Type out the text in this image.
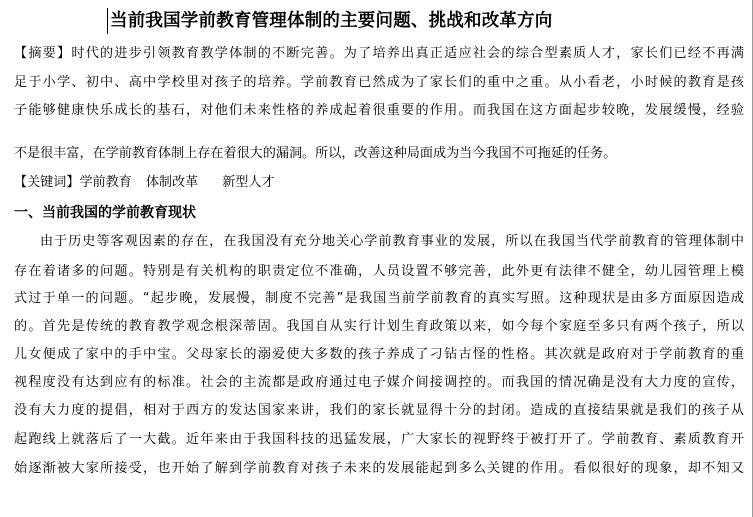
当前我国学前教育管理体制的主要问题、挑战和改革方向
【摘要】时代的进步引领教育教学体制的不断完善。为了培养出真正适应社会的综合型素质人才，家长们已经不再满
足于小学、初中、高中学校里对孩子的培养。学前教育已然成为了家长们的重中之重。从小看老，小时候的教育是孩
子能够健康快乐成长的基石，对他们未来性格的养成起着很重要的作用。而我国在这方面起步较晚，发展缓慢，经验
不是很丰富，在学前教育体制上存在着很大的漏洞。所以，改善这种局面成为当今我国不可拖延的任务。
【关键词】学前教育 体制改革 新型人才
一、当前我国的学前教育现状
由于历史等客观因素的存在，在我国没有充分地关心学前教育事业的发展，所以在我国当代学前教育的管理体制中
存在着诸多的问题。特别是有关机构的职责定位不准确，人员设置不够完善，此外更有法律不健全，幼儿园管理上模
式过于单一的问题。“起步晚，发展慢，制度不完善”是我国当前学前教育的真实写照。这种现状是由多方面原因造成
的。首先是传统的教育教学观念根深蒂固。我国自从实行计划生育政策以来，如今每个家庭至多只有两个孩子，所以
儿女便成了家中的手中宝。父母家长的溺爱使大多数的孩子养成了刁钻古怪的性格。其次就是政府对于学前教育的重
视程度没有达到应有的标准。社会的主流都是政府通过电子媒介间接调控的。而我国的情况确是没有大力度的宣传，
没有大力度的提倡，相对于西方的发达国家来讲，我们的家长就显得十分的封闭。造成的直接结果就是我们的孩子从
起跑线上就落后了一大截。近年来由于我国科技的迅猛发展，广大家长的视野终于被打开了。学前教育、素质教育开
始逐渐被大家所接受，也开始了解到学前教育对孩子未来的发展能起到多么关键的作用。看似很好的现象，却不知又
